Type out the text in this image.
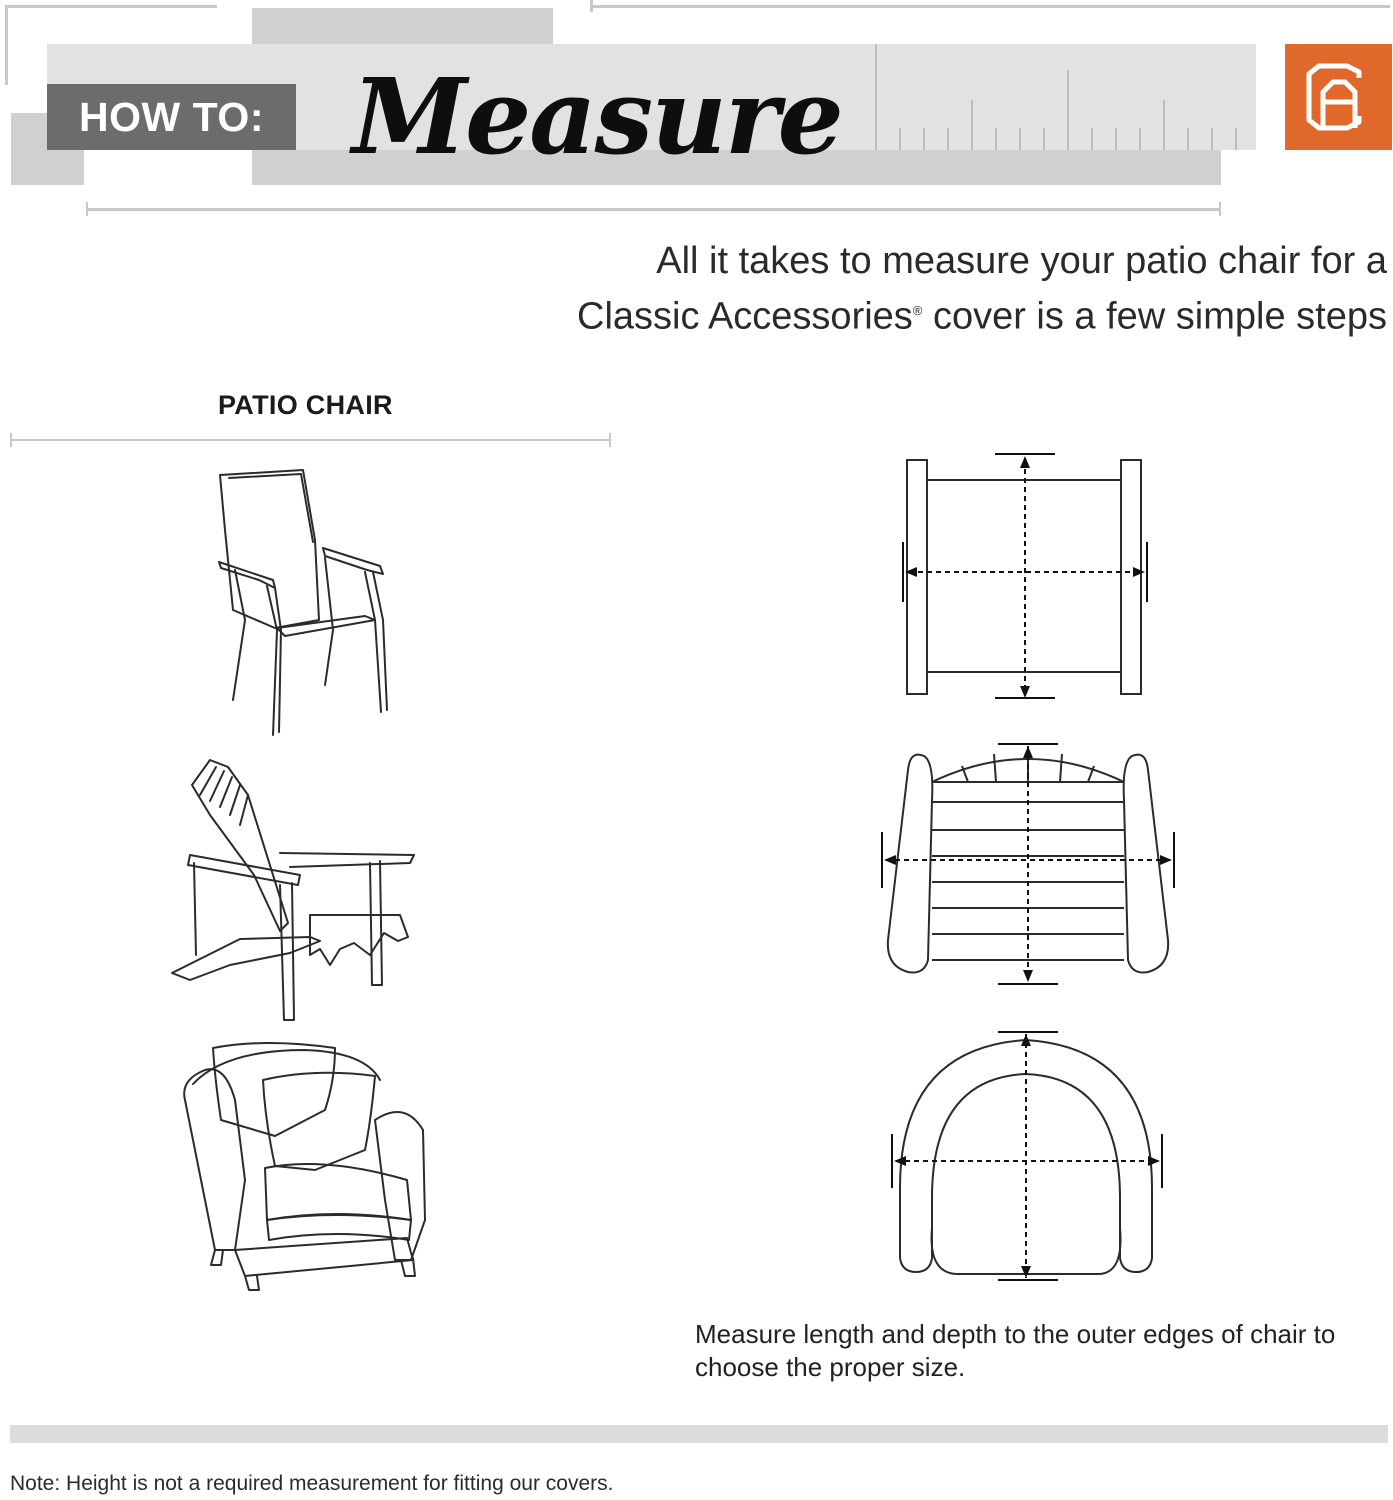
HOW TO: Measure
All it takes to measure your patio chair for a
Classic Accessories® cover is a few simple steps
PATIO CHAIR
Measure length and depth to the outer edges of chair to choose the proper size.
Note: Height is not a required measurement for fitting our covers.
